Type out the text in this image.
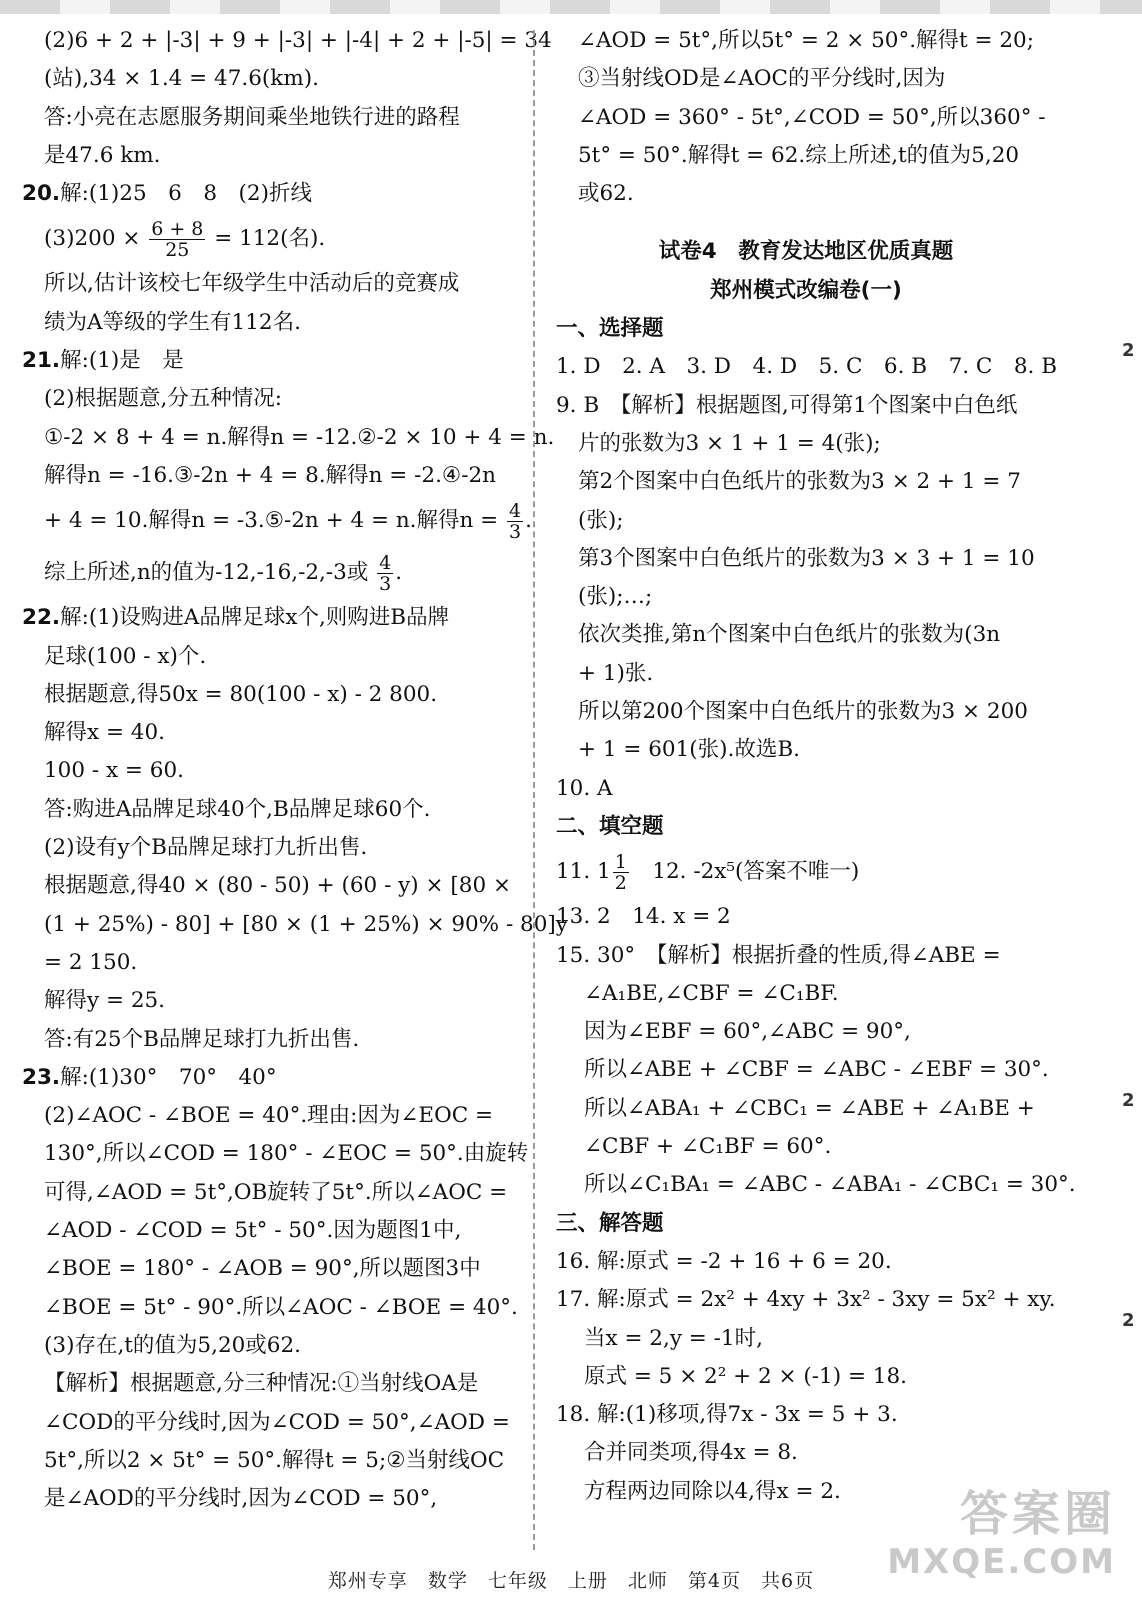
(2)6 + 2 + |-3| + 9 + |-3| + |-4| + 2 + |-5| = 34
(站),34 × 1.4 = 47.6(km).
答:小亮在志愿服务期间乘坐地铁行进的路程
是47.6 km.
20.解:(1)25　6　8　(2)折线
$(3)200 \times \frac{6 + 8}{25} = 112$(名).
所以,估计该校七年级学生中活动后的竞赛成
绩为A等级的学生有112名.
21.解:(1)是　是
(2)根据题意,分五种情况:
①-2 × 8 + 4 = n.解得n = -12.②-2 × 10 + 4 = n.
解得n = -16.③-2n + 4 = 8.解得n = -2.④-2n
+ 4 = 10.解得n = -3.⑤-2n + 4 = n.解得$n = \frac{4}{3}$ .
综上所述,n的值为-12,-16,-2,-3或 $\frac{4}{3}$ .
22.解:(1)设购进A品牌足球x个,则购进B品牌
足球(100 - x)个.
根据题意,得50x = 80(100 - x) - 2 800.
解得x = 40.
100 - x = 60.
答:购进A品牌足球40个,B品牌足球60个.
(2)设有y个B品牌足球打九折出售.
根据题意,得40 × (80 - 50) + (60 - y) × [80 ×
(1 + 25%) - 80] + [80 × (1 + 25%) × 90% - 80]y
= 2 150.
解得y = 25.
答:有25个B品牌足球打九折出售.
23.解:(1)30°　70°　40°
(2)∠AOC - ∠BOE = 40°.理由:因为∠EOC =
130°,所以∠COD = 180° - ∠EOC = 50°.由旋转
可得,∠AOD = 5t°,OB旋转了5t°.所以∠AOC =
∠AOD - ∠COD = 5t° - 50°.因为题图1中,
∠BOE = 180° - ∠AOB = 90°,所以题图3中
∠BOE = 5t° - 90°.所以∠AOC - ∠BOE = 40°.
(3)存在,t的值为5,20或62.
【解析】根据题意,分三种情况:①当射线OA是
∠COD的平分线时,因为∠COD = 50°,∠AOD =
5t°,所以2 × 5t° = 50°.解得t = 5;②当射线OC
是∠AOD的平分线时,因为∠COD = 50°,
∠AOD = 5t°,所以5t° = 2 × 50°.解得t = 20;
③当射线OD是∠AOC的平分线时,因为
∠AOD = 360° - 5t°,∠COD = 50°,所以360° -
5t° = 50°.解得t = 62.综上所述,t的值为5,20
或62.
试卷4　教育发达地区优质真题
郑州模式改编卷(一)
一、选择题
1. D　2. A　3. D　4. D　5. C　6. B　7. C　8. B
9. B　【解析】根据题图,可得第1个图案中白色纸
片的张数为3 × 1 + 1 = 4(张);
第2个图案中白色纸片的张数为3 × 2 + 1 = 7
(张);
第3个图案中白色纸片的张数为3 × 3 + 1 = 10
(张);…;
依次类推,第n个图案中白色纸片的张数为(3n
+ 1)张.
所以第200个图案中白色纸片的张数为3 × 200
+ 1 = 601(张).故选B.
10. A
二、填空题
11. $1 \frac{1}{2}$ 　12. -2x⁵(答案不唯一)
13. 2　14. x = 2
15. 30°　【解析】根据折叠的性质,得∠ABE =
∠A₁BE,∠CBF = ∠C₁BF.
因为∠EBF = 60°,∠ABC = 90°,
所以∠ABE + ∠CBF = ∠ABC - ∠EBF = 30°.
所以∠ABA₁ + ∠CBC₁ = ∠ABE + ∠A₁BE +
∠CBF + ∠C₁BF = 60°.
所以∠C₁BA₁ = ∠ABC - ∠ABA₁ - ∠CBC₁ = 30°.
三、解答题
16. 解:原式 = -2 + 16 + 6 = 20.
17. 解:原式 = 2x² + 4xy + 3x² - 3xy = 5x² + xy.
当x = 2,y = -1时,
原式 = 5 × 2² + 2 × (-1) = 18.
18. 解:(1)移项,得7x - 3x = 5 + 3.
合并同类项,得4x = 8.
方程两边同除以4,得x = 2.
2
2
2
答案圈
MXQE.COM
郑州专享　数学　七年级　上册　北师　第4页　共6页
